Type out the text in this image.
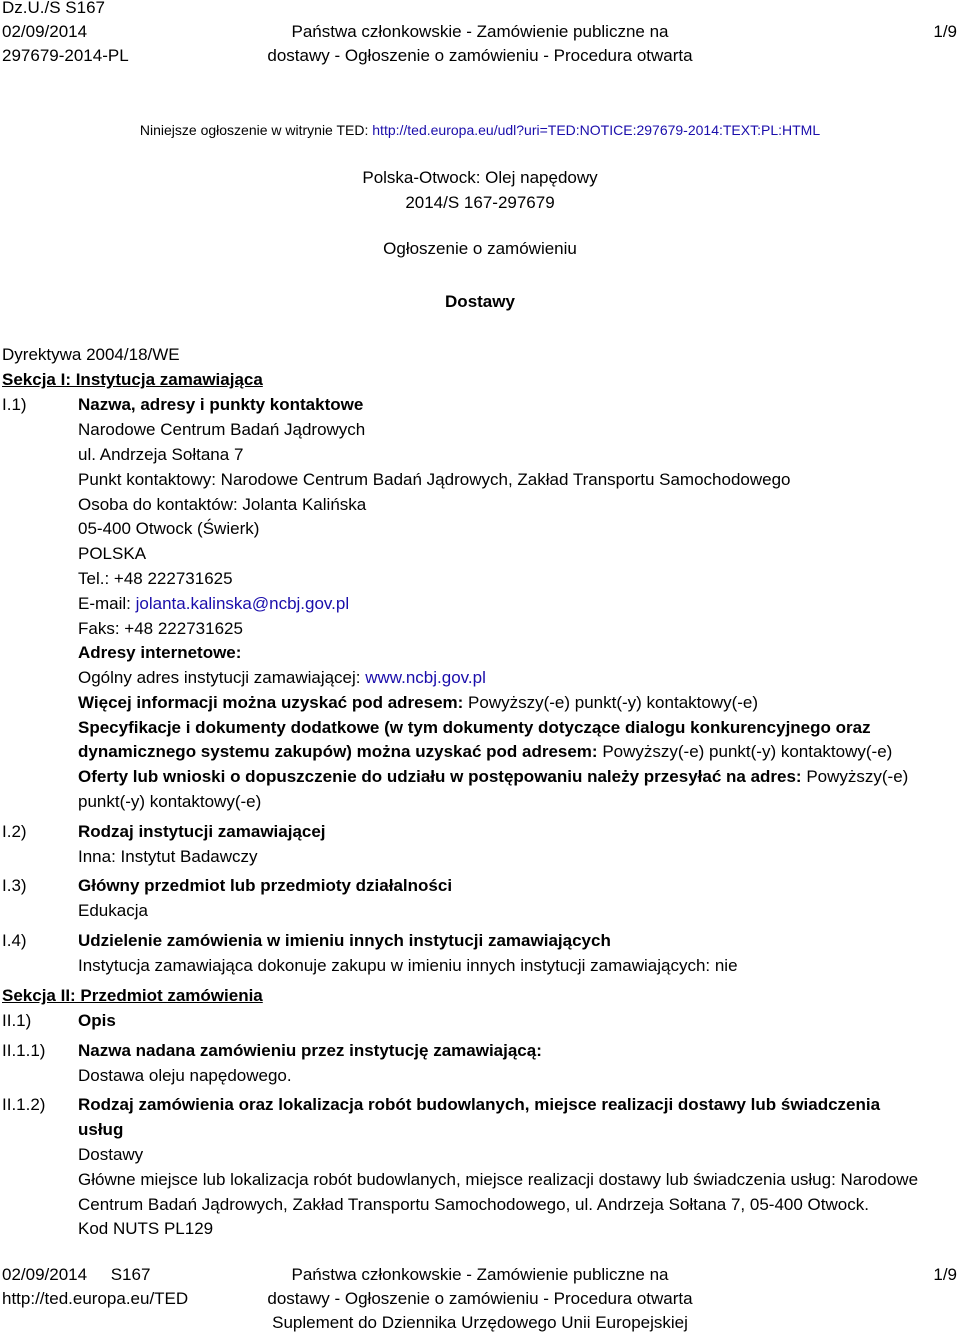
Dz.U./S S167
02/09/2014
297679-2014-PL
Państwa członkowskie - Zamówienie publiczne na
dostawy - Ogłoszenie o zamówieniu - Procedura otwarta
1/9
Niniejsze ogłoszenie w witrynie TED: http://ted.europa.eu/udl?uri=TED:NOTICE:297679-2014:TEXT:PL:HTML
Polska-Otwock: Olej napędowy
2014/S 167-297679
Ogłoszenie o zamówieniu
Dostawy
Dyrektywa 2004/18/WE
Sekcja I: Instytucja zamawiająca
I.1)	Nazwa, adresy i punkty kontaktowe
Narodowe Centrum Badań Jądrowych
ul. Andrzeja Sołtana 7
Punkt kontaktowy: Narodowe Centrum Badań Jądrowych, Zakład Transportu Samochodowego
Osoba do kontaktów: Jolanta Kalińska
05-400 Otwock (Świerk)
POLSKA
Tel.: +48 222731625
E-mail: jolanta.kalinska@ncbj.gov.pl
Faks: +48 222731625
Adresy internetowe:
Ogólny adres instytucji zamawiającej: www.ncbj.gov.pl
Więcej informacji można uzyskać pod adresem: Powyższy(-e) punkt(-y) kontaktowy(-e)
Specyfikacje i dokumenty dodatkowe (w tym dokumenty dotyczące dialogu konkurencyjnego oraz
dynamicznego systemu zakupów) można uzyskać pod adresem: Powyższy(-e) punkt(-y) kontaktowy(-e)
Oferty lub wnioski o dopuszczenie do udziału w postępowaniu należy przesyłać na adres: Powyższy(-e)
punkt(-y) kontaktowy(-e)
I.2)	Rodzaj instytucji zamawiającej
Inna: Instytut Badawczy
I.3)	Główny przedmiot lub przedmioty działalności
Edukacja
I.4)	Udzielenie zamówienia w imieniu innych instytucji zamawiających
Instytucja zamawiająca dokonuje zakupu w imieniu innych instytucji zamawiających: nie
Sekcja II: Przedmiot zamówienia
II.1)	Opis
II.1.1) Nazwa nadana zamówieniu przez instytucję zamawiającą:
Dostawa oleju napędowego.
II.1.2) Rodzaj zamówienia oraz lokalizacja robót budowlanych, miejsce realizacji dostawy lub świadczenia
usług
Dostawy
Główne miejsce lub lokalizacja robót budowlanych, miejsce realizacji dostawy lub świadczenia usług: Narodowe
Centrum Badań Jądrowych, Zakład Transportu Samochodowego, ul. Andrzeja Sołtana 7, 05-400 Otwock.
Kod NUTS PL129
02/09/2014     S167
http://ted.europa.eu/TED
Państwa członkowskie - Zamówienie publiczne na
dostawy - Ogłoszenie o zamówieniu - Procedura otwarta
Suplement do Dziennika Urzędowego Unii Europejskiej
1/9
